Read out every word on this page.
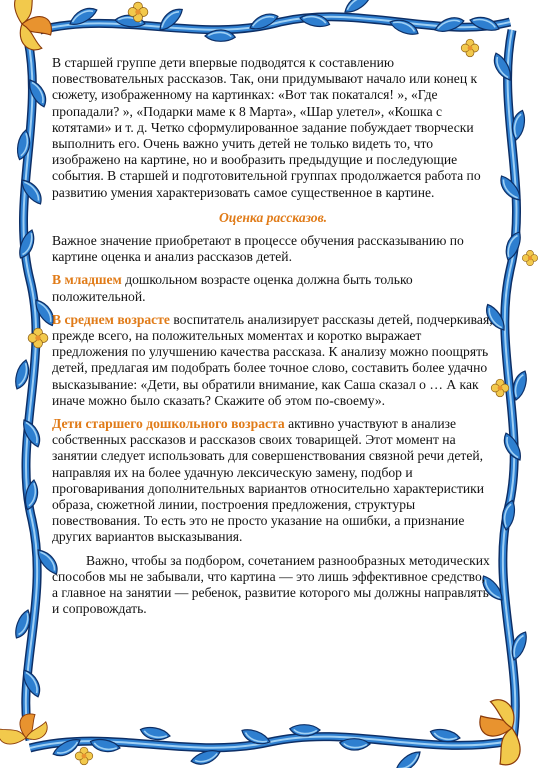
В старшей группе дети впервые подводятся к составлению повествовательных рассказов. Так, они придумывают начало или конец к сюжету, изображенному на картинках: «Вот так покатался! », «Где пропадали? », «Подарки маме к 8 Марта», «Шар улетел», «Кошка с котятами» и т. д. Четко сформулированное задание побуждает творчески выполнить его. Очень важно учить детей не только видеть то, что изображено на картине, но и вообразить предыдущие и последующие события. В старшей и подготовительной группах продолжается работа по развитию умения характеризовать самое существенное в картине.

Оценка рассказов.

Важное значение приобретают в процессе обучения рассказыванию по картине оценка и анализ рассказов детей.

В младшем дошкольном возрасте оценка должна быть только положительной.

В среднем возрасте воспитатель анализирует рассказы детей, подчеркивая, прежде всего, на положительных моментах и коротко выражает предложения по улучшению качества рассказа. К анализу можно поощрять детей, предлагая им подобрать более точное слово, составить более удачно высказывание: «Дети, вы обратили внимание, как Саша сказал о … А как иначе можно было сказать? Скажите об этом по-своему».

Дети старшего дошкольного возраста активно участвуют в анализе собственных рассказов и рассказов своих товарищей. Этот момент на занятии следует использовать для совершенствования связной речи детей, направляя их на более удачную лексическую замену, подбор и проговаривания дополнительных вариантов относительно характеристики образа, сюжетной линии, построения предложения, структуры повествования. То есть это не просто указание на ошибки, а признание других вариантов высказывания.

Важно, чтобы за подбором, сочетанием разнообразных методических способов мы не забывали, что картина — это лишь эффективное средство, а главное на занятии — ребенок, развитие которого мы должны направлять и сопровождать.
